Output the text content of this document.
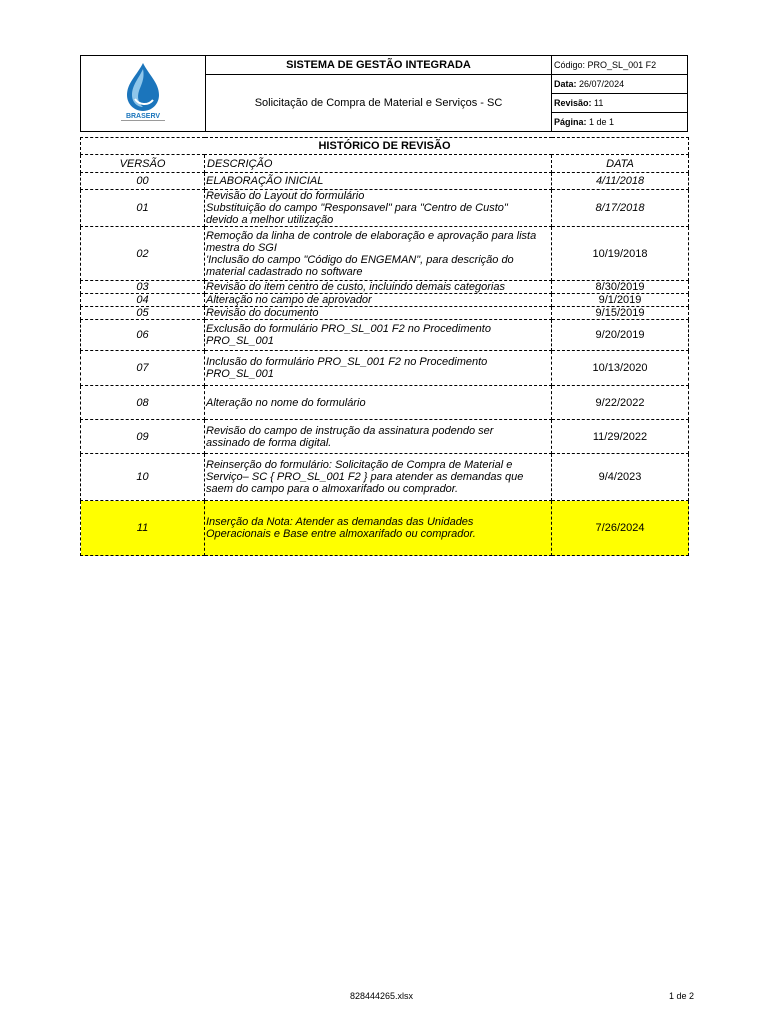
BRASERV
SISTEMA DE GESTÃO INTEGRADA
Solicitação de Compra de Material e Serviços - SC
Código: PRO_SL_001 F2
Data: 26/07/2024
Revisão: 11
Página: 1 de 1
HISTÓRICO DE REVISÃO		
VERSÃO	DESCRIÇÃO	DATA
00	ELABORAÇÃO INICIAL	4/11/2018
01	Revisão do Layout do formulário
Substituição do campo "Responsavel" para "Centro de Custo"
devido a melhor utilização	8/17/2018
02	Remoção da linha de controle de elaboração e aprovação para lista
mestra do SGI
'Inclusão do campo "Código do ENGEMAN", para descrição do
material cadastrado no software	10/19/2018
03	Revisão do item centro de custo, incluindo demais categorias	8/30/2019
04	Alteração no campo de aprovador	9/1/2019
05	Revisão do documento	9/15/2019
06	Exclusão do formulário PRO_SL_001 F2 no Procedimento
PRO_SL_001	9/20/2019
07	Inclusão do formulário PRO_SL_001 F2 no Procedimento
PRO_SL_001	10/13/2020
08	Alteração no nome do formulário	9/22/2022
09	Revisão do campo de instrução da assinatura podendo ser
assinado de forma digital.	11/29/2022
10	Reinserção do formulário: Solicitação de Compra de Material e
Serviço– SC { PRO_SL_001 F2 } para atender as demandas que
saem do campo para o almoxarifado ou comprador.	9/4/2023
11	Inserção da Nota: Atender as demandas das Unidades
Operacionais e Base entre almoxarifado ou comprador.	7/26/2024
828444265.xlsx	1 de 2
